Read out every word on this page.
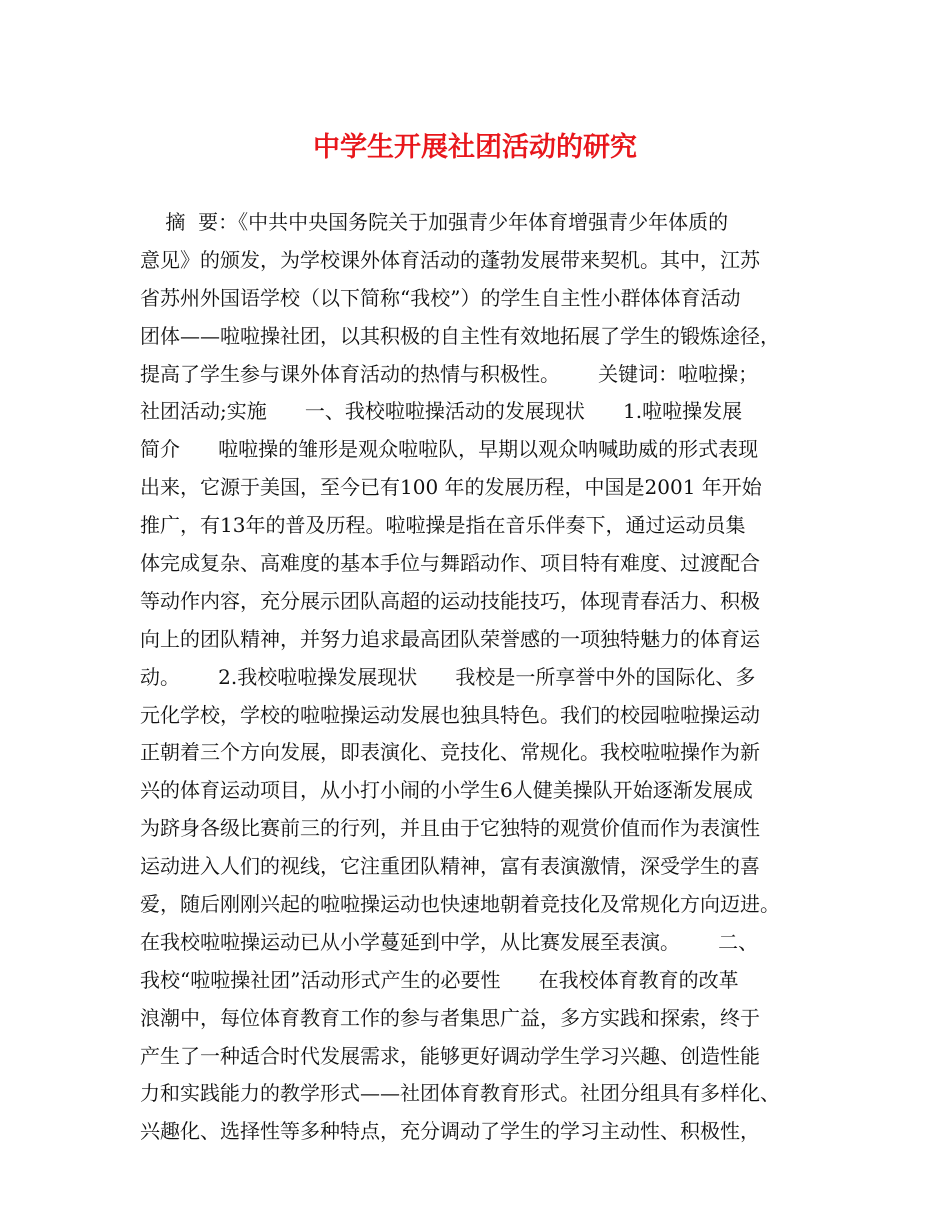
中学生开展社团活动的研究
摘  要：《中共中央国务院关于加强青少年体育增强青少年体质的
意见》的颁发，为学校课外体育活动的蓬勃发展带来契机。其中，江苏
省苏州外国语学校（以下简称“我校”）的学生自主性小群体体育活动
团体——啦啦操社团，以其积极的自主性有效地拓展了学生的锻炼途径，
提高了学生参与课外体育活动的热情与积极性。      关键词：啦啦操；
社团活动;实施      一、我校啦啦操活动的发展现状      1.啦啦操发展
简介      啦啦操的雏形是观众啦啦队，早期以观众呐喊助威的形式表现
出来，它源于美国，至今已有100 年的发展历程，中国是2001 年开始
推广，有13年的普及历程。啦啦操是指在音乐伴奏下，通过运动员集
体完成复杂、高难度的基本手位与舞蹈动作、项目特有难度、过渡配合
等动作内容，充分展示团队高超的运动技能技巧，体现青春活力、积极
向上的团队精神，并努力追求最高团队荣誉感的一项独特魅力的体育运
动。      2.我校啦啦操发展现状      我校是一所享誉中外的国际化、多
元化学校，学校的啦啦操运动发展也独具特色。我们的校园啦啦操运动
正朝着三个方向发展，即表演化、竞技化、常规化。我校啦啦操作为新
兴的体育运动项目，从小打小闹的小学生6人健美操队开始逐渐发展成
为跻身各级比赛前三的行列，并且由于它独特的观赏价值而作为表演性
运动进入人们的视线，它注重团队精神，富有表演激情，深受学生的喜
爱，随后刚刚兴起的啦啦操运动也快速地朝着竞技化及常规化方向迈进。
在我校啦啦操运动已从小学蔓延到中学，从比赛发展至表演。      二、
我校“啦啦操社团”活动形式产生的必要性      在我校体育教育的改革
浪潮中，每位体育教育工作的参与者集思广益，多方实践和探索，终于
产生了一种适合时代发展需求，能够更好调动学生学习兴趣、创造性能
力和实践能力的教学形式——社团体育教育形式。社团分组具有多样化、
兴趣化、选择性等多种特点，充分调动了学生的学习主动性、积极性，
